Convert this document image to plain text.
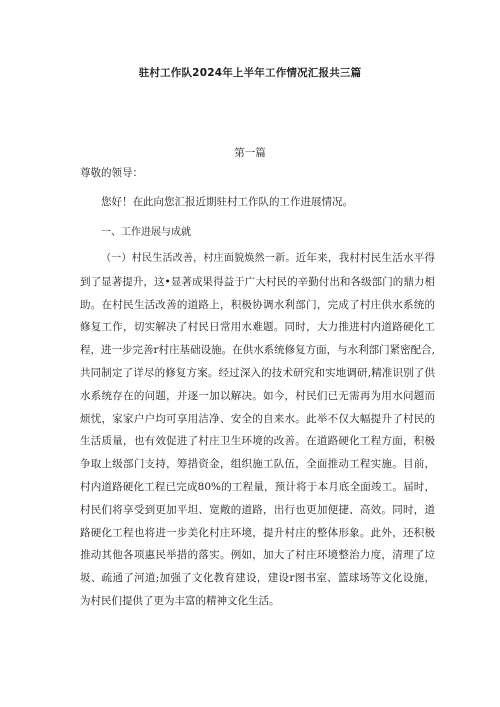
驻村工作队2024年上半年工作情况汇报共三篇
第一篇
尊敬的领导：
您好！在此向您汇报近期驻村工作队的工作进展情况。
一、工作进展与成就

（一）村民生活改善，村庄面貌焕然一新。近年来，我村村民生活水平得到了显著提升，这•显著成果得益于广大村民的辛勤付出和各级部门的鼎力相助。在村民生活改善的道路上，积极协调水利部门，完成了村庄供水系统的修复工作，切实解决了村民日常用水难题。同时，大力推进村内道路硬化工程，进一步完善r村庄基础设施。在供水系统修复方面，与水利部门紧密配合,共同制定了详尽的修复方案。经过深入的技术研究和实地调研,精准识别了供水系统存在的问题，并逐一加以解决。如今，村民们已无需再为用水问题而烦忧，家家户户均可享用洁净、安全的自来水。此举不仅大幅提升了村民的生活质量，也有效促进了村庄卫生环境的改善。在道路硬化工程方面，积极争取上级部门支持，筹措资金，组织施工队伍，全面推动工程实施。目前，村内道路硬化工程已完成80%的工程量，预计将于本月底全面竣工。届时，村民们将享受到更加平坦、宽敞的道路，出行也更加便捷、高效。同时，道路硬化工程也将进一步美化村庄环境，提升村庄的整体形象。此外，还积极推动其他各项惠民举措的落实。例如，加大了村庄环境整治力度，清理了垃圾、疏通了河道;加强了文化教育建设，建设r图书室、篮球场等文化设施，为村民们提供了更为丰富的精神文化生活。
